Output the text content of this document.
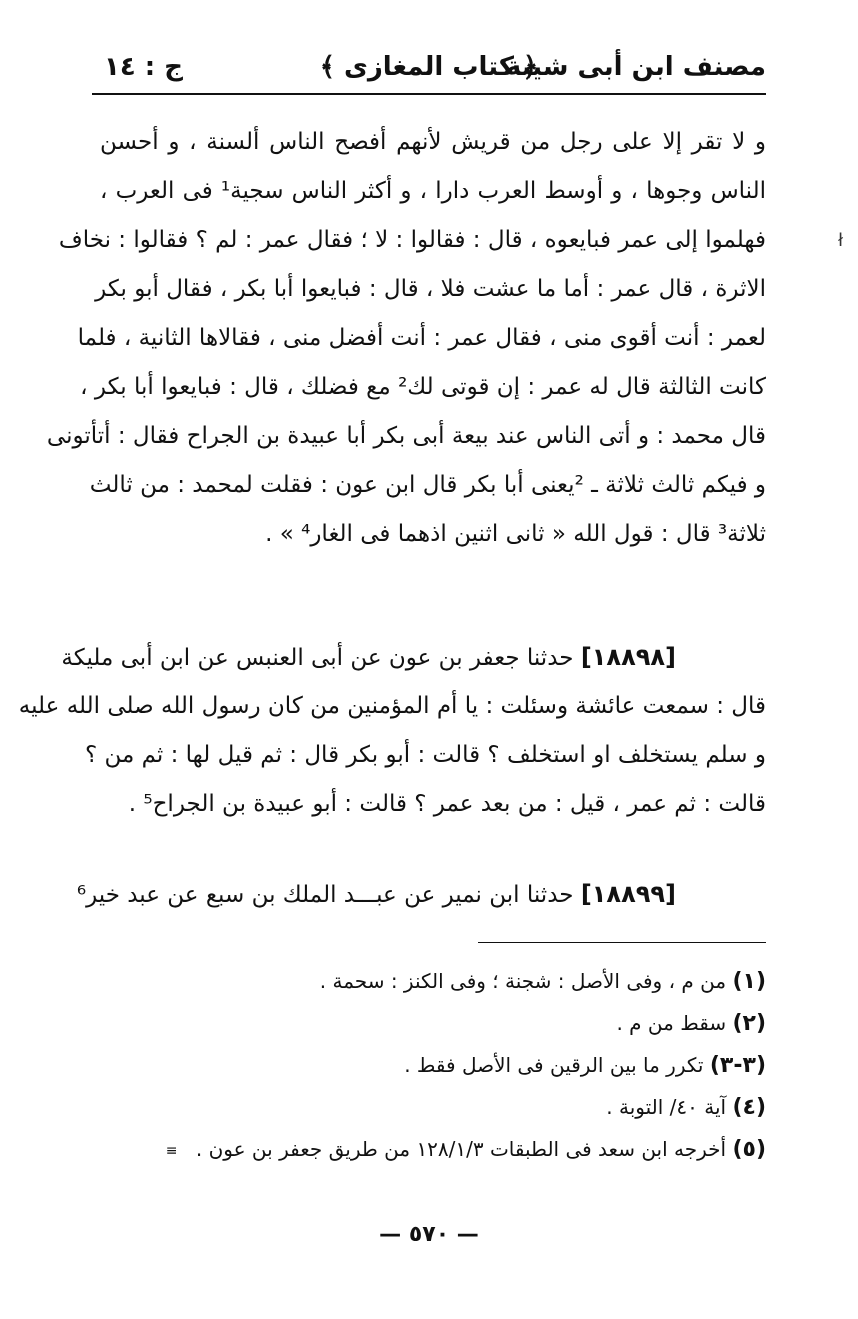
مصنف ابن أبى شيبة
﴿ كتاب المغازى ﴾
ج : ١٤
و لا تقر إلا على رجل من قريش لأنهم أفصح الناس ألسنة ، و أحسن
الناس وجوها ، و أوسط العرب دارا ، و أكثر الناس سجية¹ فى العرب ،
فهلموا إلى عمر فبايعوه ، قال : فقالوا : لا ؛ فقال عمر : لم ؟ فقالوا : نخاف
الاثرة ، قال عمر : أما ما عشت فلا ، قال : فبايعوا أبا بكر ، فقال أبو بكر
لعمر : أنت أقوى منى ، فقال عمر : أنت أفضل منى ، فقالاها الثانية ، فلما
كانت الثالثة قال له عمر : إن قوتى لك² مع فضلك ، قال : فبايعوا أبا بكر ،
قال محمد : و أتى الناس عند بيعة أبى بكر أبا عبيدة بن الجراح فقال : أتأتونى
و فيكم ثالث ثلاثة ـ ²يعنى أبا بكر قال ابن عون : فقلت لمحمد : من ثالث
ثلاثة³ قال : قول الله « ثانى اثنين اذهما فى الغار⁴ » .
[١٨٨٩٨] حدثنا جعفر بن عون عن أبى العنبس عن ابن أبى مليكة
قال : سمعت عائشة وسئلت : يا أم المؤمنين من كان رسول الله صلى الله عليه
و سلم يستخلف او استخلف ؟ قالت : أبو بكر قال : ثم قيل لها : ثم من ؟
قالت : ثم عمر ، قيل : من بعد عمر ؟ قالت : أبو عبيدة بن الجراح⁵ .
[١٨٨٩٩] حدثنا ابن نمير عن عبـــد الملك بن سبع عن عبد خير⁶
(١) من م ، وفى الأصل : شجنة ؛ وفى الكنز : سحمة .
(٢) سقط من م .
(٣-٣) تكرر ما بين الرقين فى الأصل فقط .
(٤) آية ٤٠/ التوبة .
(٥) أخرجه ابن سعد فى الطبقات ١٢٨/١/٣ من طريق جعفر بن عون . ≡
— ٥٧٠ —
ł
